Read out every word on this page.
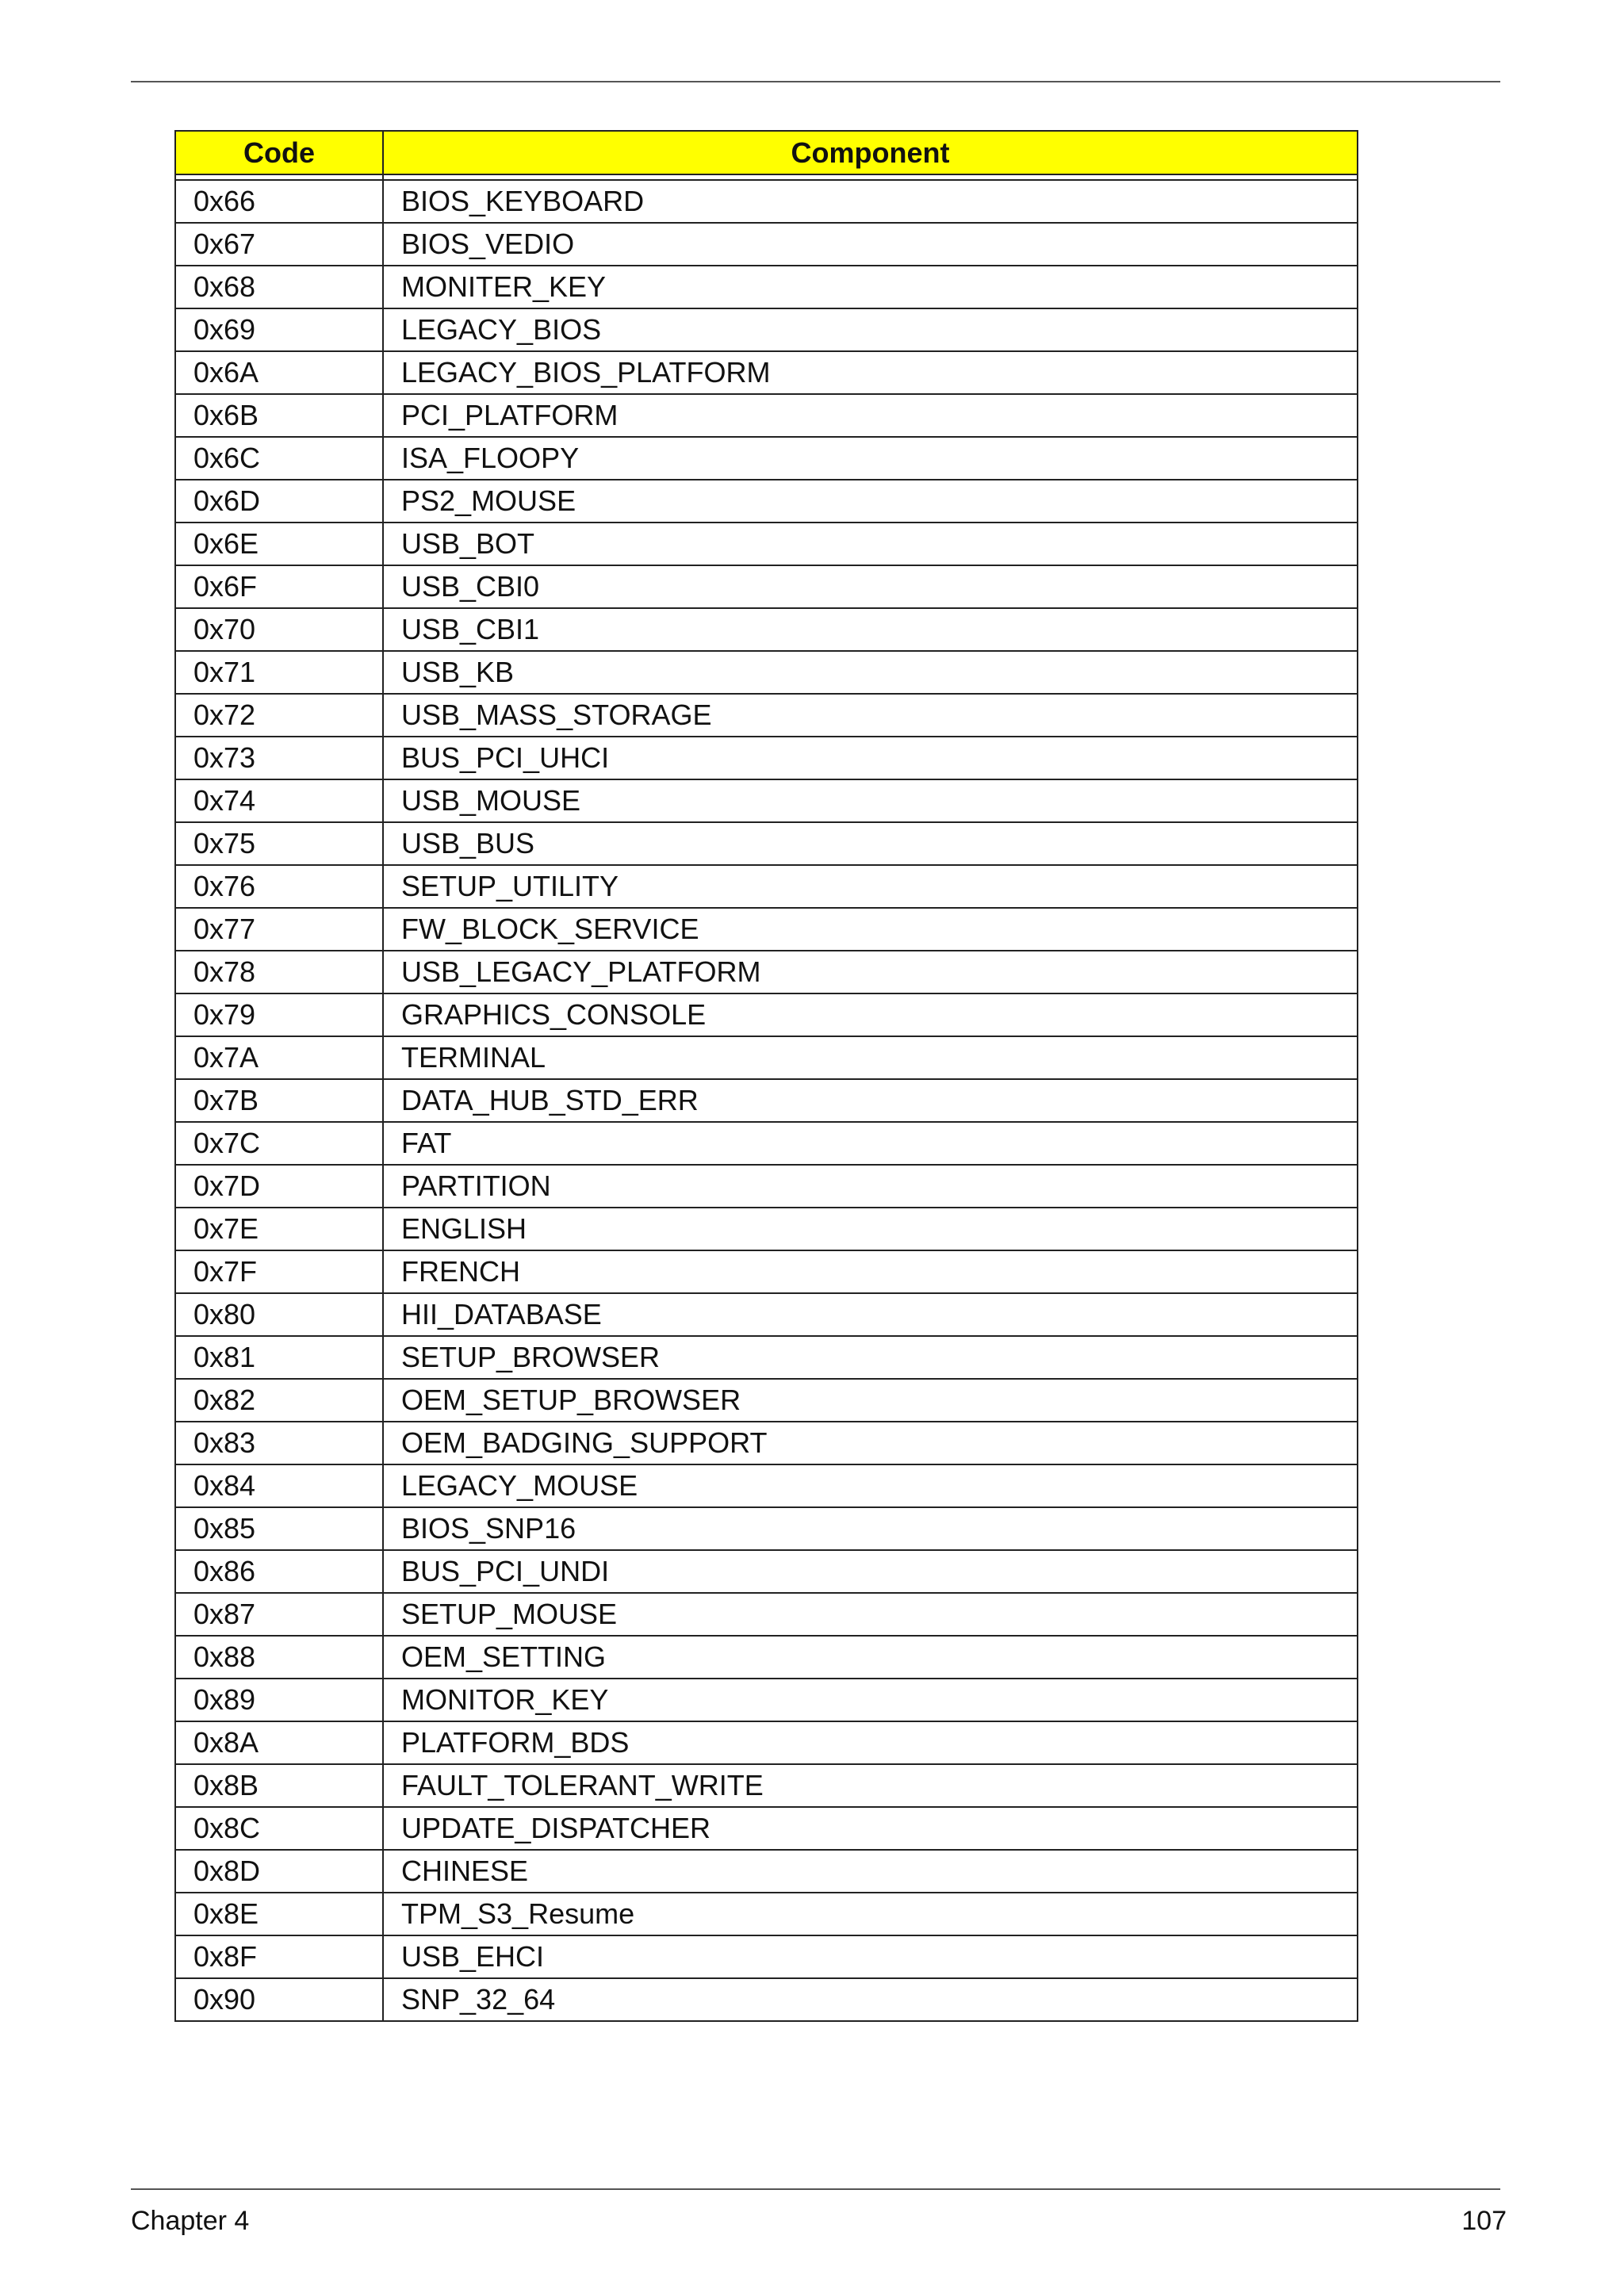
Code	Component

0x66	BIOS_KEYBOARD
0x67	BIOS_VEDIO
0x68	MONITER_KEY
0x69	LEGACY_BIOS
0x6A	LEGACY_BIOS_PLATFORM
0x6B	PCI_PLATFORM
0x6C	ISA_FLOOPY
0x6D	PS2_MOUSE
0x6E	USB_BOT
0x6F	USB_CBI0
0x70	USB_CBI1
0x71	USB_KB
0x72	USB_MASS_STORAGE
0x73	BUS_PCI_UHCI
0x74	USB_MOUSE
0x75	USB_BUS
0x76	SETUP_UTILITY
0x77	FW_BLOCK_SERVICE
0x78	USB_LEGACY_PLATFORM
0x79	GRAPHICS_CONSOLE
0x7A	TERMINAL
0x7B	DATA_HUB_STD_ERR
0x7C	FAT
0x7D	PARTITION
0x7E	ENGLISH
0x7F	FRENCH
0x80	HII_DATABASE
0x81	SETUP_BROWSER
0x82	OEM_SETUP_BROWSER
0x83	OEM_BADGING_SUPPORT
0x84	LEGACY_MOUSE
0x85	BIOS_SNP16
0x86	BUS_PCI_UNDI
0x87	SETUP_MOUSE
0x88	OEM_SETTING
0x89	MONITOR_KEY
0x8A	PLATFORM_BDS
0x8B	FAULT_TOLERANT_WRITE
0x8C	UPDATE_DISPATCHER
0x8D	CHINESE
0x8E	TPM_S3_Resume
0x8F	USB_EHCI
0x90	SNP_32_64
Chapter 4	107
